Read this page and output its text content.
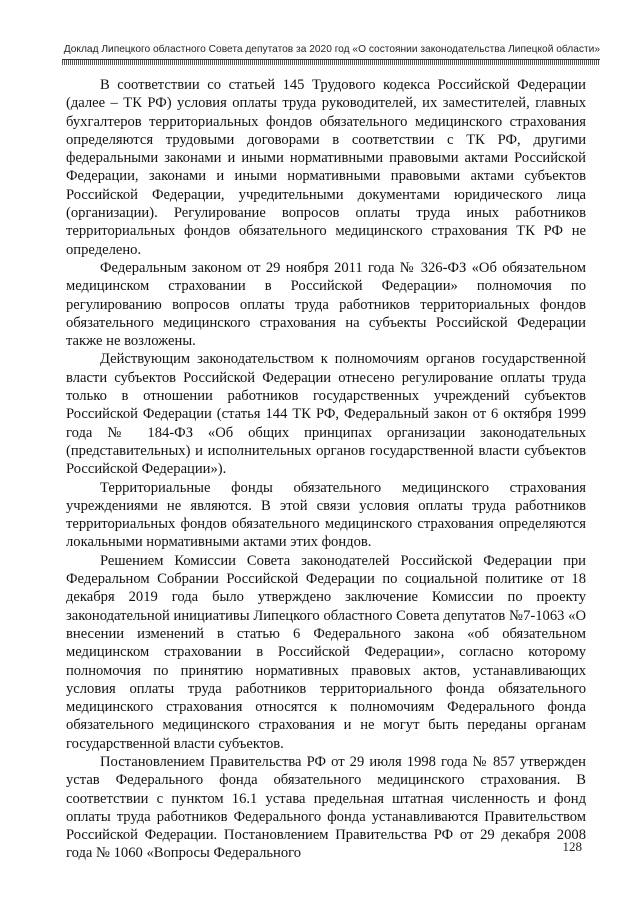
Доклад Липецкого областного Совета депутатов за 2020 год «О состоянии законодательства Липецкой области»

В соответствии со статьей 145 Трудового кодекса Российской Федерации (далее – ТК РФ) условия оплаты труда руководителей, их заместителей, главных бухгалтеров территориальных фондов обязательного медицинского страхования определяются трудовыми договорами в соответствии с ТК РФ, другими федеральными законами и иными нормативными правовыми актами Российской Федерации, законами и иными нормативными правовыми актами субъектов Российской Федерации, учредительными документами юридического лица (организации). Регулирование вопросов оплаты труда иных работников территориальных фондов обязательного медицинского страхования ТК РФ не определено.

Федеральным законом от 29 ноября 2011 года № 326-ФЗ «Об обязательном медицинском страховании в Российской Федерации» полномочия по регулированию вопросов оплаты труда работников территориальных фондов обязательного медицинского страхования на субъекты Российской Федерации также не возложены.

Действующим законодательством к полномочиям органов государственной власти субъектов Российской Федерации отнесено регулирование оплаты труда только в отношении работников государственных учреждений субъектов Российской Федерации (статья 144 ТК РФ, Федеральный закон от 6 октября 1999 года № 184-ФЗ «Об общих принципах организации законодательных (представительных) и исполнительных органов государственной власти субъектов Российской Федерации»).

Территориальные фонды обязательного медицинского страхования учреждениями не являются. В этой связи условия оплаты труда работников территориальных фондов обязательного медицинского страхования определяются локальными нормативными актами этих фондов.

Решением Комиссии Совета законодателей Российской Федерации при Федеральном Собрании Российской Федерации по социальной политике от 18 декабря 2019 года было утверждено заключение Комиссии по проекту законодательной инициативы Липецкого областного Совета депутатов №7-1063 «О внесении изменений в статью 6 Федерального закона «об обязательном медицинском страховании в Российской Федерации», согласно которому полномочия по принятию нормативных правовых актов, устанавливающих условия оплаты труда работников территориального фонда обязательного медицинского страхования относятся к полномочиям Федерального фонда обязательного медицинского страхования и не могут быть переданы органам государственной власти субъектов.

Постановлением Правительства РФ от 29 июля 1998 года № 857 утвержден устав Федерального фонда обязательного медицинского страхования. В соответствии с пунктом 16.1 устава предельная штатная численность и фонд оплаты труда работников Федерального фонда устанавливаются Правительством Российской Федерации. Постановлением Правительства РФ от 29 декабря 2008 года № 1060 «Вопросы Федерального	128
